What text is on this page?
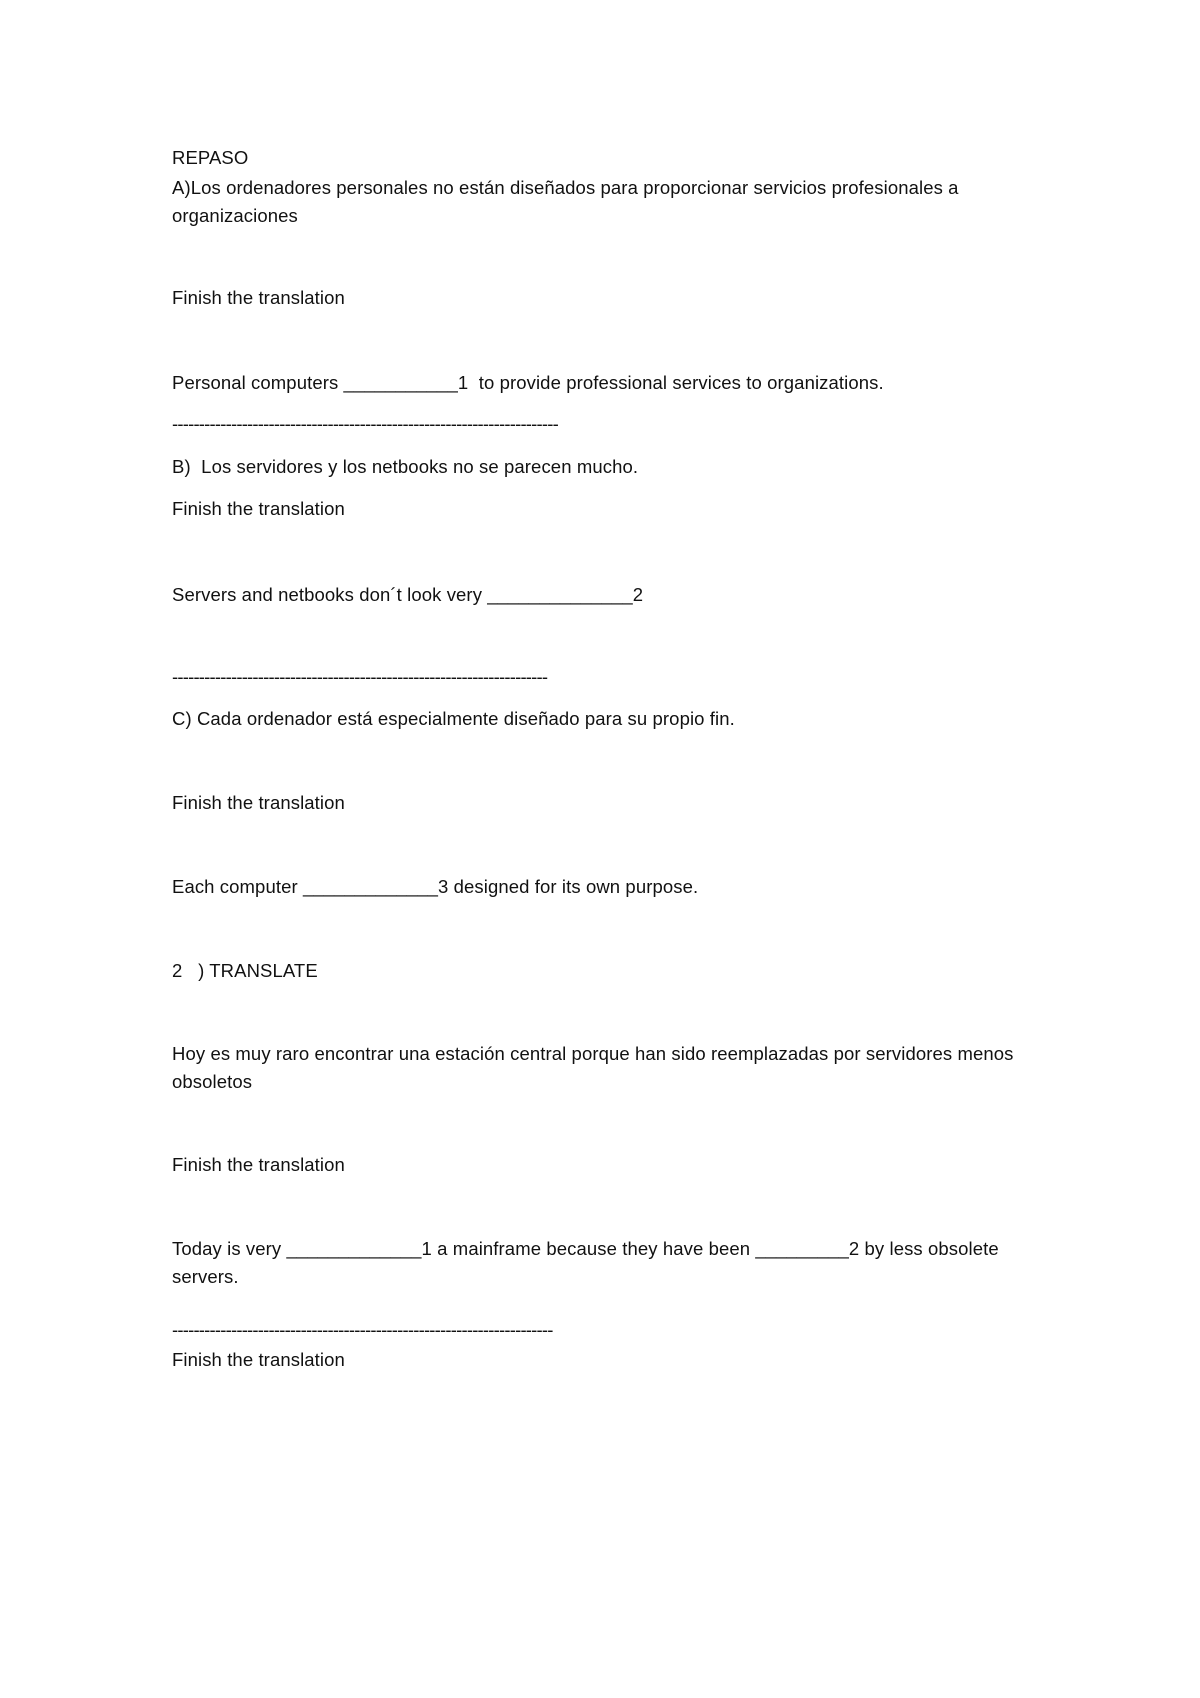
REPASO
A)Los ordenadores personales no están diseñados para proporcionar servicios profesionales a organizaciones
Finish the translation
Personal computers ___________1  to provide professional services to organizations.
------------------------------------------------------------------------
B)  Los servidores y los netbooks no se parecen mucho.
Finish the translation
Servers and netbooks don´t look very ______________2
----------------------------------------------------------------------
C) Cada ordenador está especialmente diseñado para su propio fin.
Finish the translation
Each computer _____________3 designed for its own purpose.
2   ) TRANSLATE
Hoy es muy raro encontrar una estación central porque han sido reemplazadas por servidores menos obsoletos
Finish the translation
Today is very _____________1 a mainframe because they have been _________2 by less obsolete servers.
-----------------------------------------------------------------------
Finish the translation
